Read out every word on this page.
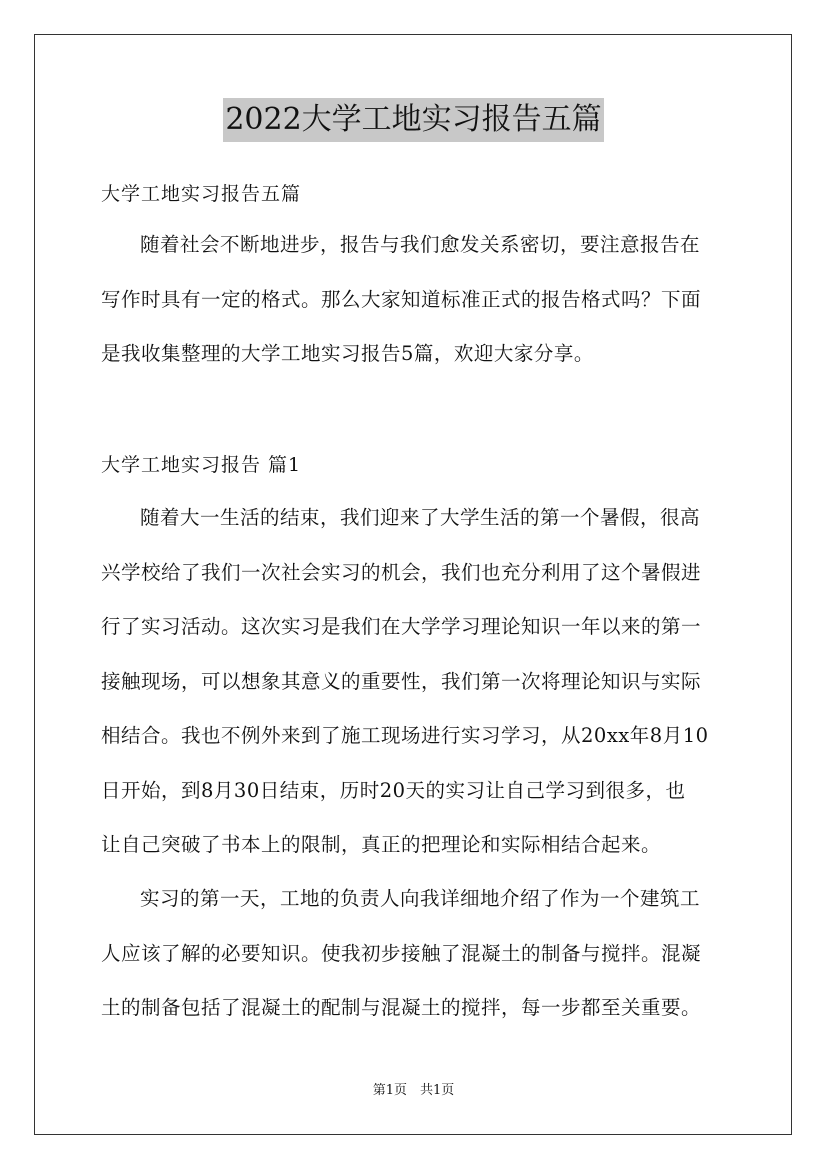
2022大学工地实习报告五篇
大学工地实习报告五篇
随着社会不断地进步，报告与我们愈发关系密切，要注意报告在
写作时具有一定的格式。那么大家知道标准正式的报告格式吗？下面
是我收集整理的大学工地实习报告5篇，欢迎大家分享。
大学工地实习报告 篇1
随着大一生活的结束，我们迎来了大学生活的第一个暑假，很高
兴学校给了我们一次社会实习的机会，我们也充分利用了这个暑假进
行了实习活动。这次实习是我们在大学学习理论知识一年以来的第一
接触现场，可以想象其意义的重要性，我们第一次将理论知识与实际
相结合。我也不例外来到了施工现场进行实习学习，从20xx年8月10
日开始，到8月30日结束，历时20天的实习让自己学习到很多，也
让自己突破了书本上的限制，真正的把理论和实际相结合起来。
实习的第一天，工地的负责人向我详细地介绍了作为一个建筑工
人应该了解的必要知识。使我初步接触了混凝土的制备与搅拌。混凝
土的制备包括了混凝土的配制与混凝土的搅拌，每一步都至关重要。
第1页　共1页
